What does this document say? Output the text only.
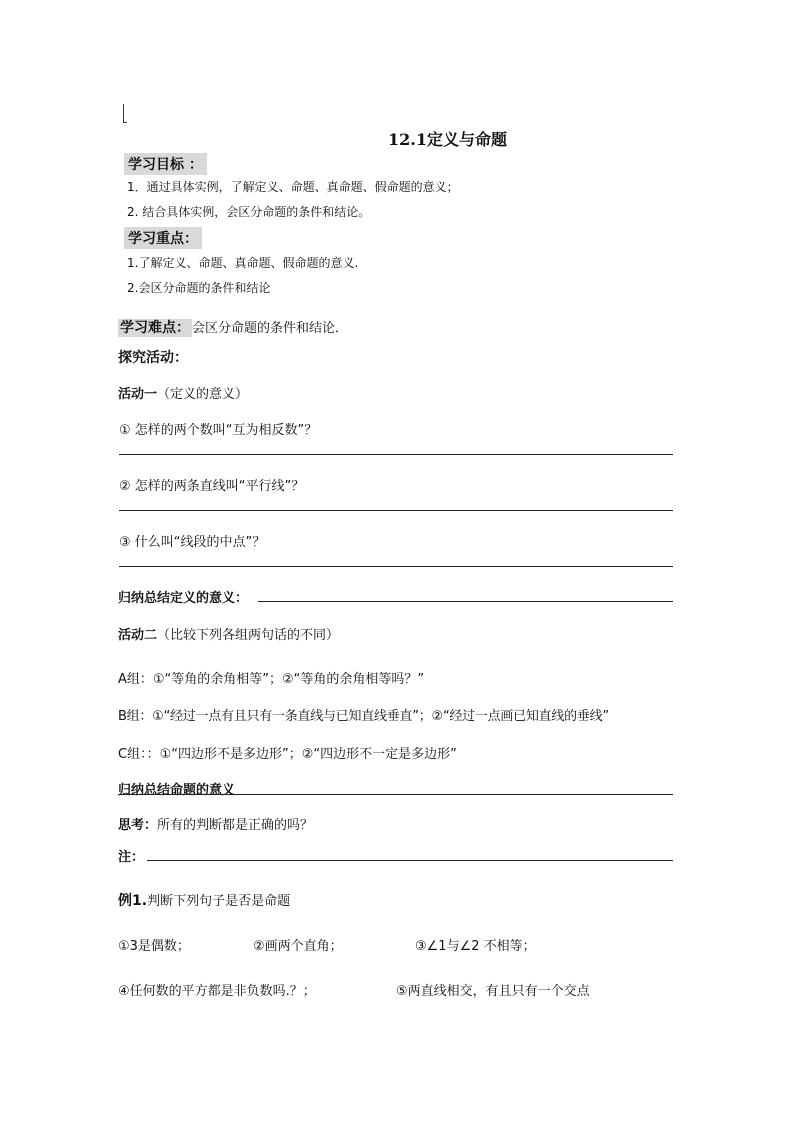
12.1定义与命题
学习目标 ：
1．通过具体实例，了解定义、命题、真命题、假命题的意义；
2. 结合具体实例，会区分命题的条件和结论。
学习重点：
1.了解定义、命题、真命题、假命题的意义.
2.会区分命题的条件和结论
学习难点： 会区分命题的条件和结论．
探究活动：
活动一（定义的意义）
① 怎样的两个数叫“互为相反数”？
② 怎样的两条直线叫“平行线”？
③ 什么叫“线段的中点”？
归纳总结定义的意义：
活动二（比较下列各组两句话的不同）
A组：①“等角的余角相等”；②“等角的余角相等吗？”
B组：①“经过一点有且只有一条直线与已知直线垂直”；②“经过一点画已知直线的垂线”
C组：：①“四边形不是多边形”；②“四边形不一定是多边形”
归纳总结命题的意义
思考：所有的判断都是正确的吗？
注：
例1.判断下列句子是否是命题
①3是偶数；	②画两个直角；	③∠1与∠2 不相等；
④任何数的平方都是非负数吗.？；	⑤两直线相交，有且只有一个交点
